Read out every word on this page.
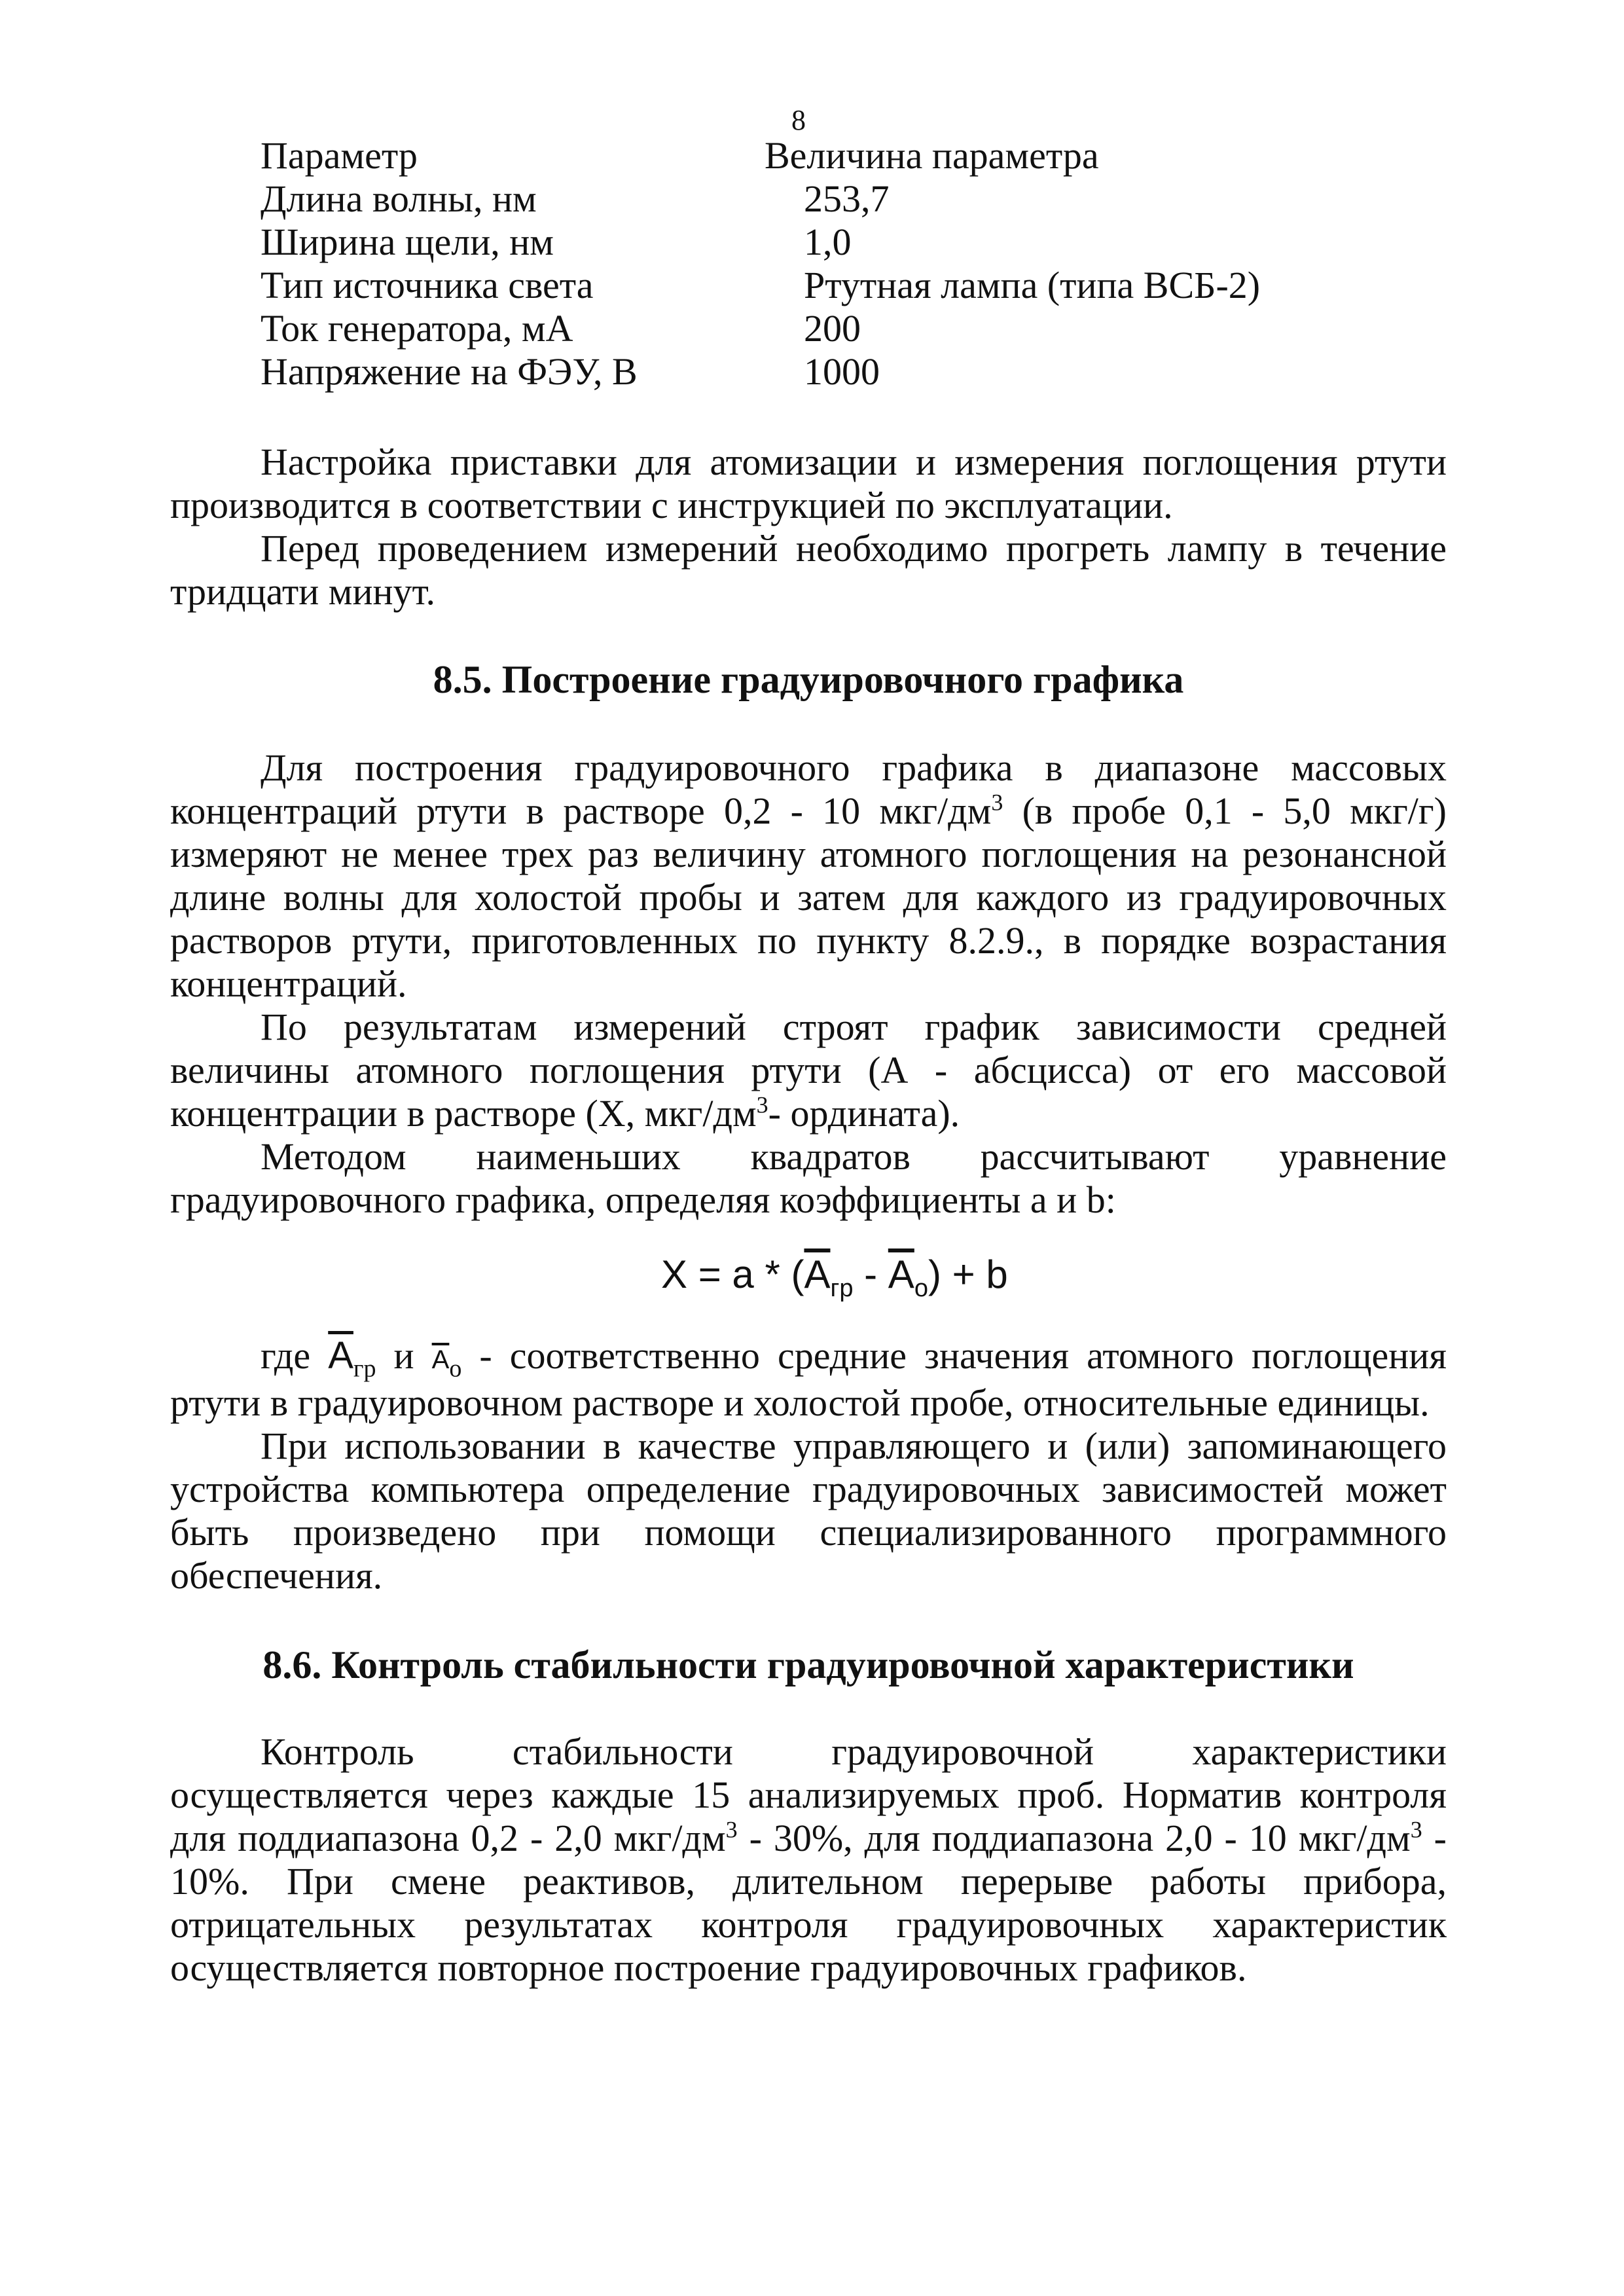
8
Параметр	Величина параметра
Длина волны, нм	253,7
Ширина щели, нм	1,0
Тип источника света	Ртутная лампа (типа ВСБ-2)
Ток генератора, мА	200
Напряжение на ФЭУ, В	1000

Настройка приставки для атомизации и измерения поглощения ртути производится в соответствии с инструкцией по эксплуатации.

Перед проведением измерений необходимо прогреть лампу в течение тридцати минут.

8.5. Построение градуировочного графика

Для построения градуировочного графика в диапазоне массовых концентраций ртути в растворе 0,2 - 10 мкг/$дм^3$ (в пробе 0,1 - 5,0 мкг/г) измеряют не менее трех раз величину атомного поглощения на резонансной длине волны для холостой пробы и затем для каждого из градуировочных растворов ртути, приготовленных по пункту 8.2.9., в порядке возрастания концентраций.

По результатам измерений строят график зависимости средней величины атомного поглощения ртути (А - абсцисса) от его массовой концентрации в растворе (X, мкг/$дм^3-$ ордината).

Методом наименьших квадратов рассчитывают уравнение градуировочного графика, определяя коэффициенты a и b:

$X = a * (\overline{A}_{гр} - \overline{A}_o) + b$

где $\overline{A}_{гр}$ и $\overline{A}_o$ - соответственно средние значения атомного поглощения ртути в градуировочном растворе и холостой пробе, относительные единицы.

При использовании в качестве управляющего и (или) запоминающего устройства компьютера определение градуировочных зависимостей может быть произведено при помощи специализированного программного обеспечения.

8.6. Контроль стабильности градуировочной характеристики

Контроль стабильности градуировочной характеристики осуществляется через каждые 15 анализируемых проб. Норматив контроля для поддиапазона 0,2 - 2,0 мкг/$дм^3 - 30\%$, для поддиапазона 2,0 - 10 мкг/$дм^3 - 10\%$. При смене реактивов, длительном перерыве работы прибора, отрицательных результатах контроля градуировочных характеристик осуществляется повторное построение градуировочных графиков.
